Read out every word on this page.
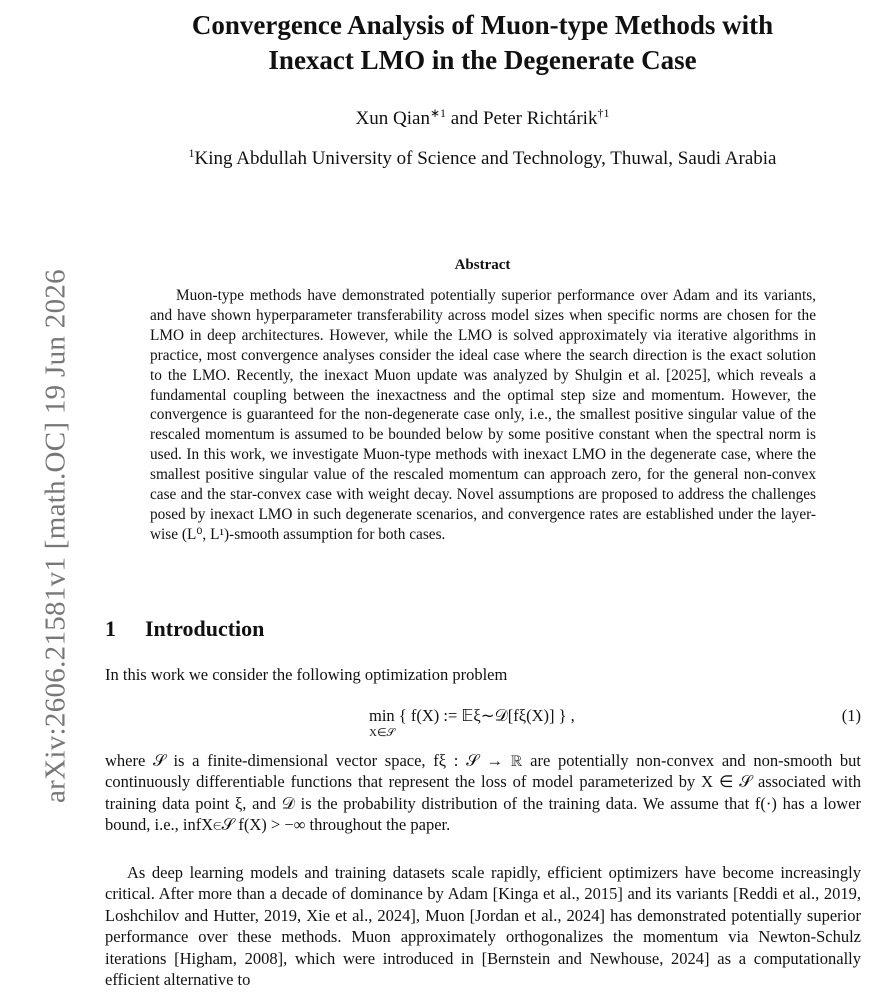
arXiv:2606.21581v1 [math.OC] 19 Jun 2026
Convergence Analysis of Muon-type Methods with
Inexact LMO in the Degenerate Case
Xun Qian$^{∗1}$ and Peter Richtárik$^{\dagger 1}$
$^1$King Abdullah University of Science and Technology, Thuwal, Saudi Arabia
Abstract

Muon-type methods have demonstrated potentially superior performance over Adam and its variants, and have shown hyperparameter transferability across model sizes when specific norms are chosen for the LMO in deep architectures. However, while the LMO is solved approximately via iterative algorithms in practice, most convergence analyses consider the ideal case where the search direction is the exact solution to the LMO. Recently, the inexact Muon update was analyzed by Shulgin et al. [2025], which reveals a fundamental coupling between the inexactness and the optimal step size and momentum. However, the convergence is guaranteed for the non-degenerate case only, i.e., the smallest positive singular value of the rescaled momentum is assumed to be bounded below by some positive constant when the spectral norm is used. In this work, we investigate Muon-type methods with inexact LMO in the degenerate case, where the smallest positive singular value of the rescaled momentum can approach zero, for the general non-convex case and the star-convex case with weight decay. Novel assumptions are proposed to address the challenges posed by inexact LMO in such degenerate scenarios, and convergence rates are established under the layer-wise (L⁰, L¹)-smooth assumption for both cases.

1 Introduction

In this work we consider the following optimization problem

min { f(X) := 𝔼ξ∼𝒟[fξ(X)] } ,
X∈𝒮
(1)

where 𝒮 is a finite-dimensional vector space, fξ : 𝒮 → ℝ are potentially non-convex and non-smooth but continuously differentiable functions that represent the loss of model parameterized by X ∈ 𝒮 associated with training data point ξ, and 𝒟 is the probability distribution of the training data. We assume that f(·) has a lower bound, i.e., infX∈𝒮 f(X) > −∞ throughout the paper.

As deep learning models and training datasets scale rapidly, efficient optimizers have become increasingly critical. After more than a decade of dominance by Adam [Kinga et al., 2015] and its variants [Reddi et al., 2019, Loshchilov and Hutter, 2019, Xie et al., 2024], Muon [Jordan et al., 2024] has demonstrated potentially superior performance over these methods. Muon approximately orthogonalizes the momentum via Newton-Schulz iterations [Higham, 2008], which were introduced in [Bernstein and Newhouse, 2024] as a computationally efficient alternative to
